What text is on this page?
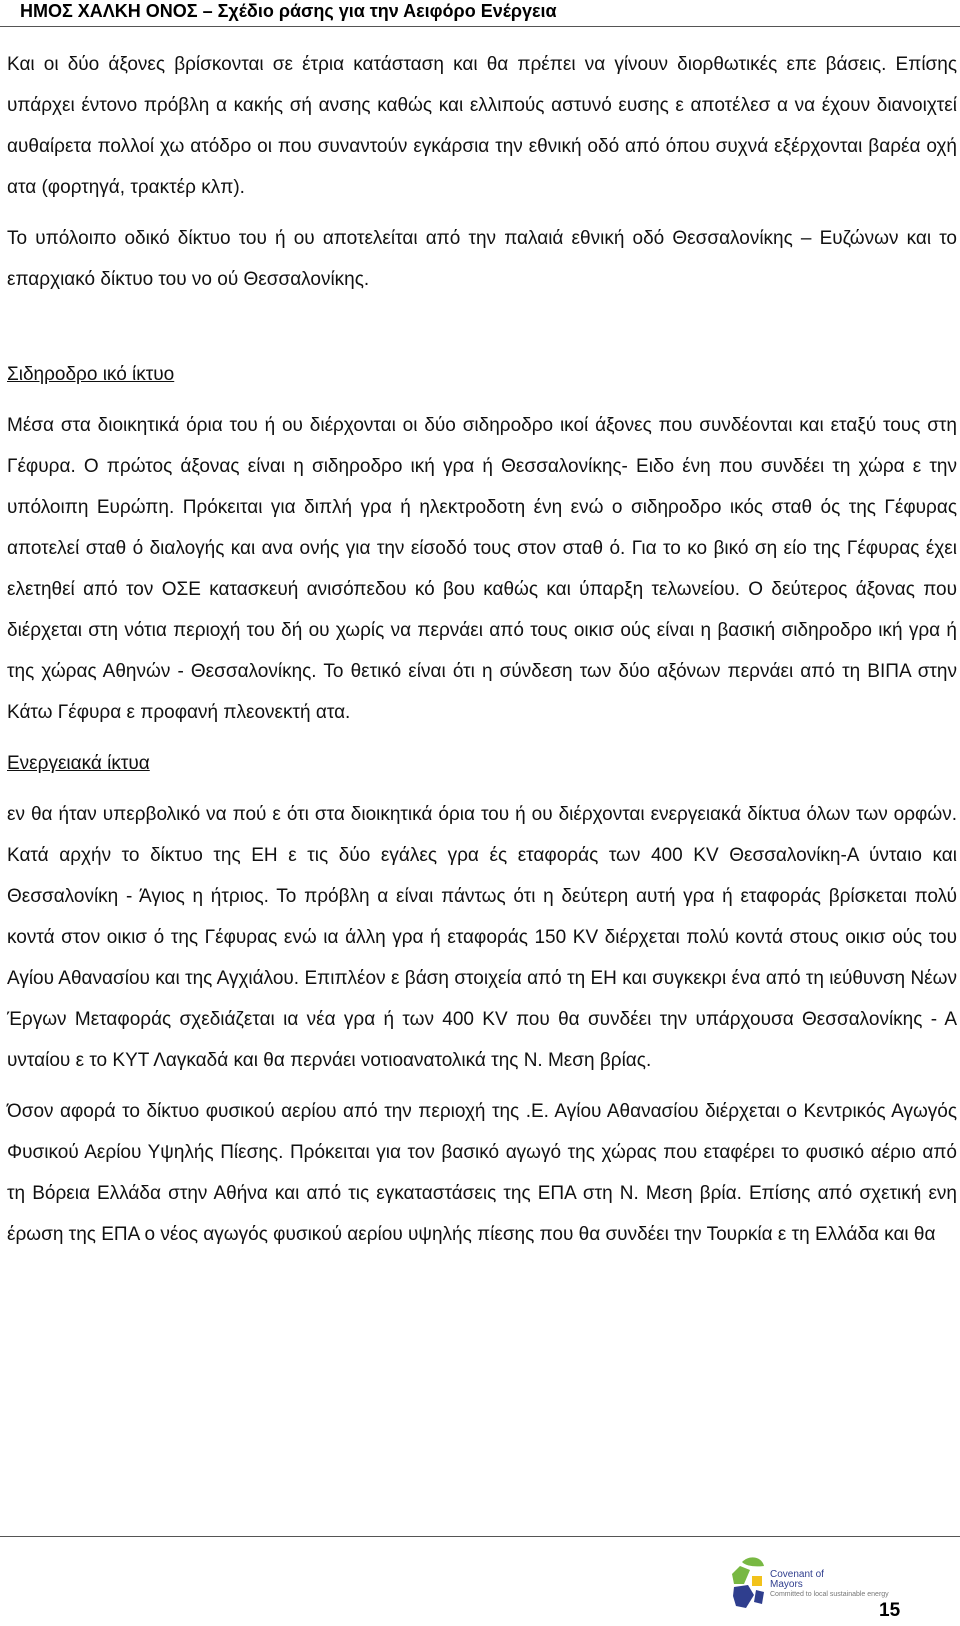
ΗΜΟΣ ΧΑΛΚΗ ΟΝΟΣ – Σχέδιο ράσης για την Αειφόρο Ενέργεια

Και οι δύο άξονες βρίσκονται σε έτρια κατάσταση και θα πρέπει να γίνουν διορθωτικές επε βάσεις. Επίσης υπάρχει έντονο πρόβλη α κακής σή ανσης καθώς και ελλιπούς αστυνό ευσης ε αποτέλεσ α να έχουν διανοιχτεί αυθαίρετα πολλοί χω ατόδρο οι που συναντούν εγκάρσια την εθνική οδό από όπου συχνά εξέρχονται βαρέα οχή ατα (φορτηγά, τρακτέρ κλπ).

Το υπόλοιπο οδικό δίκτυο του ή ου αποτελείται από την παλαιά εθνική οδό Θεσσαλονίκης – Ευζώνων και το επαρχιακό δίκτυο του νο ού Θεσσαλονίκης.

Σιδηροδρο ικό ίκτυο

Μέσα στα διοικητικά όρια του ή ου διέρχονται οι δύο σιδηροδρο ικοί άξονες που συνδέονται και εταξύ τους στη Γέφυρα. Ο πρώτος άξονας είναι η σιδηροδρο ική γρα ή Θεσσαλονίκης- Ειδο ένη που συνδέει τη χώρα ε την υπόλοιπη Ευρώπη. Πρόκειται για διπλή γρα ή ηλεκτροδοτη ένη ενώ ο σιδηροδρο ικός σταθ ός της Γέφυρας αποτελεί σταθ ό διαλογής και ανα ονής για την είσοδό τους στον σταθ ό. Για το κο βικό ση είο της Γέφυρας έχει ελετηθεί από τον ΟΣΕ κατασκευή ανισόπεδου κό βου καθώς και ύπαρξη τελωνείου. Ο δεύτερος άξονας που διέρχεται στη νότια περιοχή του δή ου χωρίς να περνάει από τους οικισ ούς είναι η βασική σιδηροδρο ική γρα ή της χώρας Αθηνών - Θεσσαλονίκης. Το θετικό είναι ότι η σύνδεση των δύο αξόνων περνάει από τη ΒΙΠΑ στην Κάτω Γέφυρα ε προφανή πλεονεκτή ατα.

Ενεργειακά ίκτυα

εν θα ήταν υπερβολικό να πού ε ότι στα διοικητικά όρια του ή ου διέρχονται ενεργειακά δίκτυα όλων των ορφών. Κατά αρχήν το δίκτυο της ΕΗ ε τις δύο εγάλες γρα ές εταφοράς των 400 KV Θεσσαλονίκη-Α ύνταιο και Θεσσαλονίκη - Άγιος η ήτριος. Το πρόβλη α είναι πάντως ότι η δεύτερη αυτή γρα ή εταφοράς βρίσκεται πολύ κοντά στον οικισ ό της Γέφυρας ενώ ια άλλη γρα ή εταφοράς 150 KV διέρχεται πολύ κοντά στους οικισ ούς του Αγίου Αθανασίου και της Αγχιάλου. Επιπλέον ε βάση στοιχεία από τη ΕΗ και συγκεκρι ένα από τη ιεύθυνση Νέων Έργων Μεταφοράς σχεδιάζεται ια νέα γρα ή των 400 KV που θα συνδέει την υπάρχουσα Θεσσαλονίκης - Α υνταίου ε το ΚΥΤ Λαγκαδά και θα περνάει νοτιοανατολικά της Ν. Μεση βρίας.

Όσον αφορά το δίκτυο φυσικού αερίου από την περιοχή της .Ε. Αγίου Αθανασίου διέρχεται ο Κεντρικός Αγωγός Φυσικού Αερίου Υψηλής Πίεσης. Πρόκειται για τον βασικό αγωγό της χώρας που εταφέρει το φυσικό αέριο από τη Βόρεια Ελλάδα στην Αθήνα και από τις εγκαταστάσεις της ΕΠΑ στη Ν. Μεση βρία. Επίσης από σχετική ενη έρωση της ΕΠΑ ο νέος αγωγός φυσικού αερίου υψηλής πίεσης που θα συνδέει την Τουρκία ε τη Ελλάδα και θα

Covenant of Mayors
Committed to local sustainable energy
15
